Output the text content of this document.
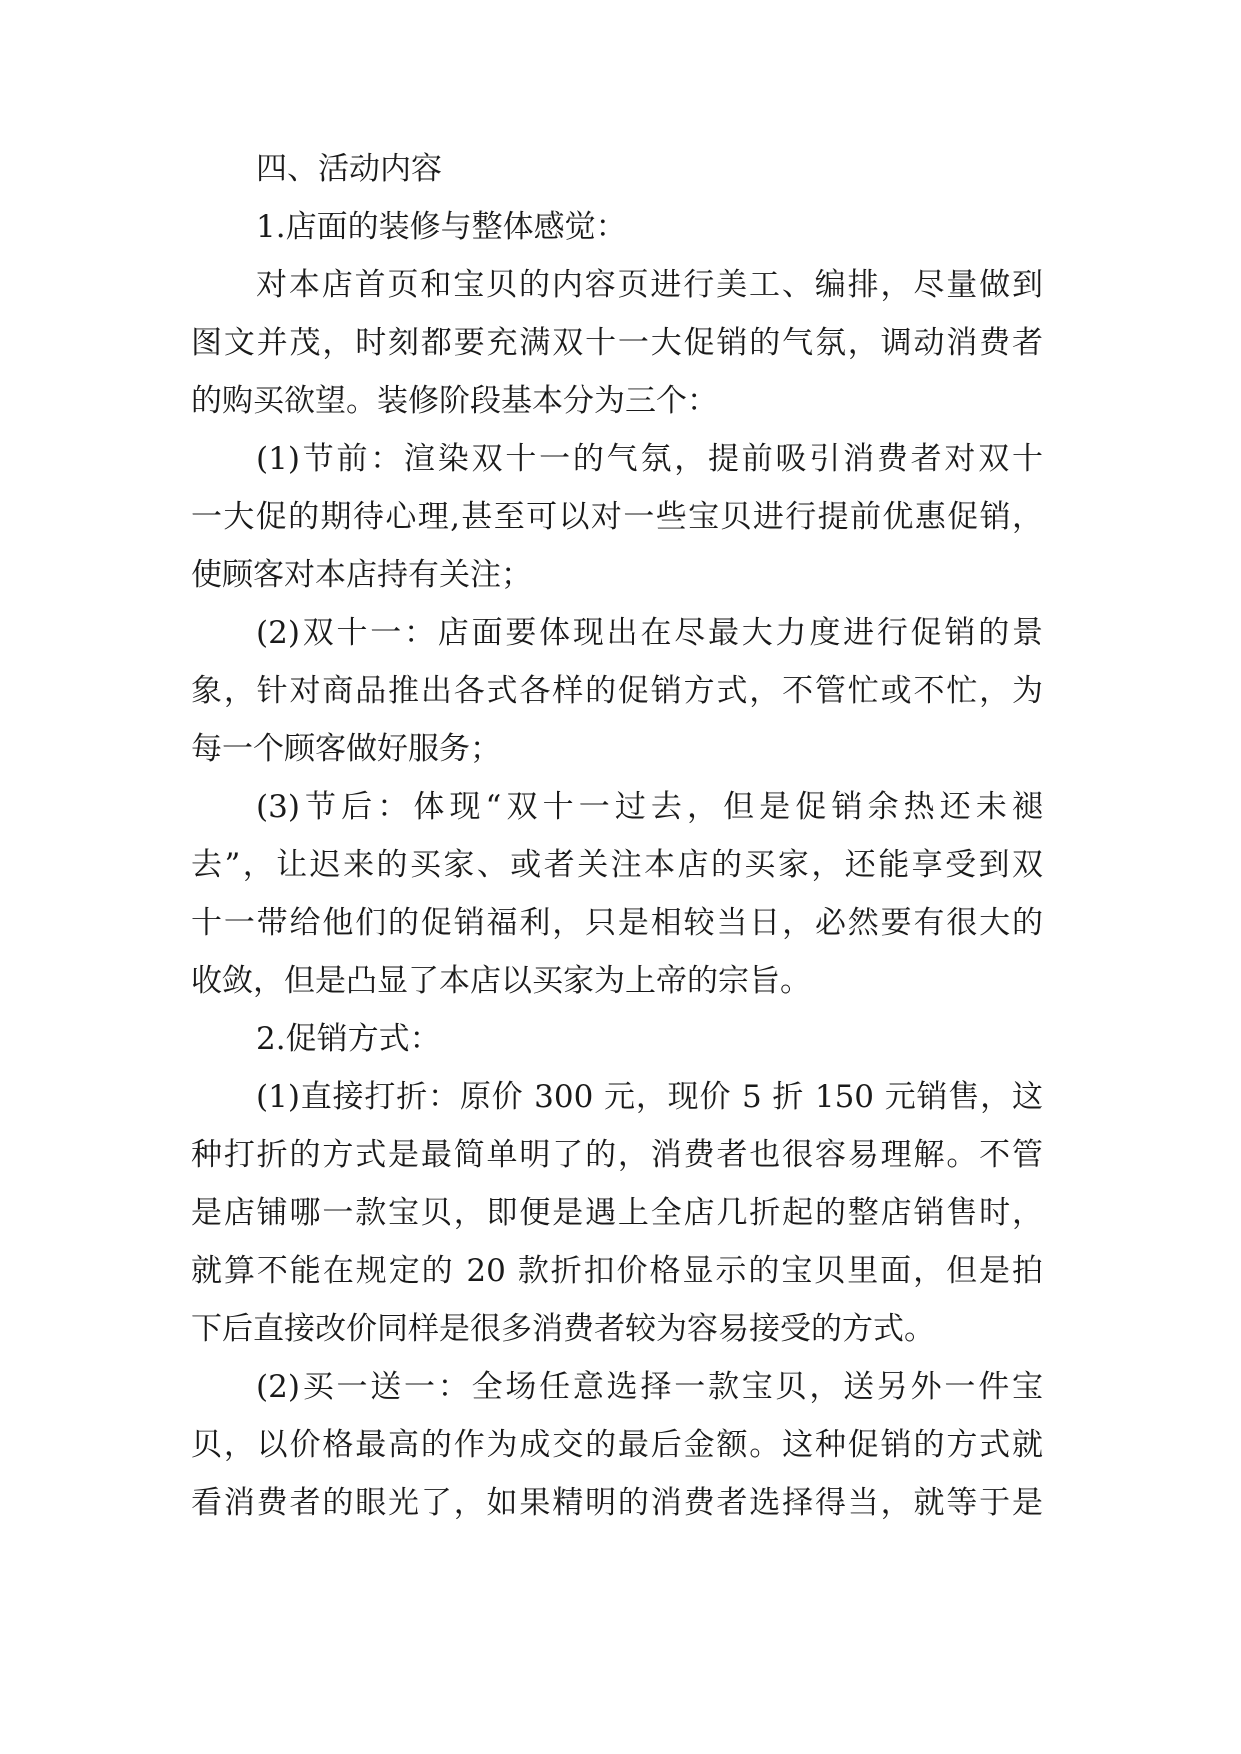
四、活动内容
1.店面的装修与整体感觉：
对本店首页和宝贝的内容页进行美工、编排，尽量做到
图文并茂，时刻都要充满双十一大促销的气氛，调动消费者
的购买欲望。装修阶段基本分为三个：
(1)节前：渲染双十一的气氛，提前吸引消费者对双十
一大促的期待心理,甚至可以对一些宝贝进行提前优惠促销，
使顾客对本店持有关注；
(2)双十一：店面要体现出在尽最大力度进行促销的景
象，针对商品推出各式各样的促销方式，不管忙或不忙，为
每一个顾客做好服务；
(3)节后：体现“双十一过去，但是促销余热还未褪
去”，让迟来的买家、或者关注本店的买家，还能享受到双
十一带给他们的促销福利，只是相较当日，必然要有很大的
收敛，但是凸显了本店以买家为上帝的宗旨。
2.促销方式：
(1)直接打折：原价 300 元，现价 5 折 150 元销售，这
种打折的方式是最简单明了的，消费者也很容易理解。不管
是店铺哪一款宝贝，即便是遇上全店几折起的整店销售时，
就算不能在规定的 20 款折扣价格显示的宝贝里面，但是拍
下后直接改价同样是很多消费者较为容易接受的方式。
(2)买一送一：全场任意选择一款宝贝，送另外一件宝
贝，以价格最高的作为成交的最后金额。这种促销的方式就
看消费者的眼光了，如果精明的消费者选择得当，就等于是
